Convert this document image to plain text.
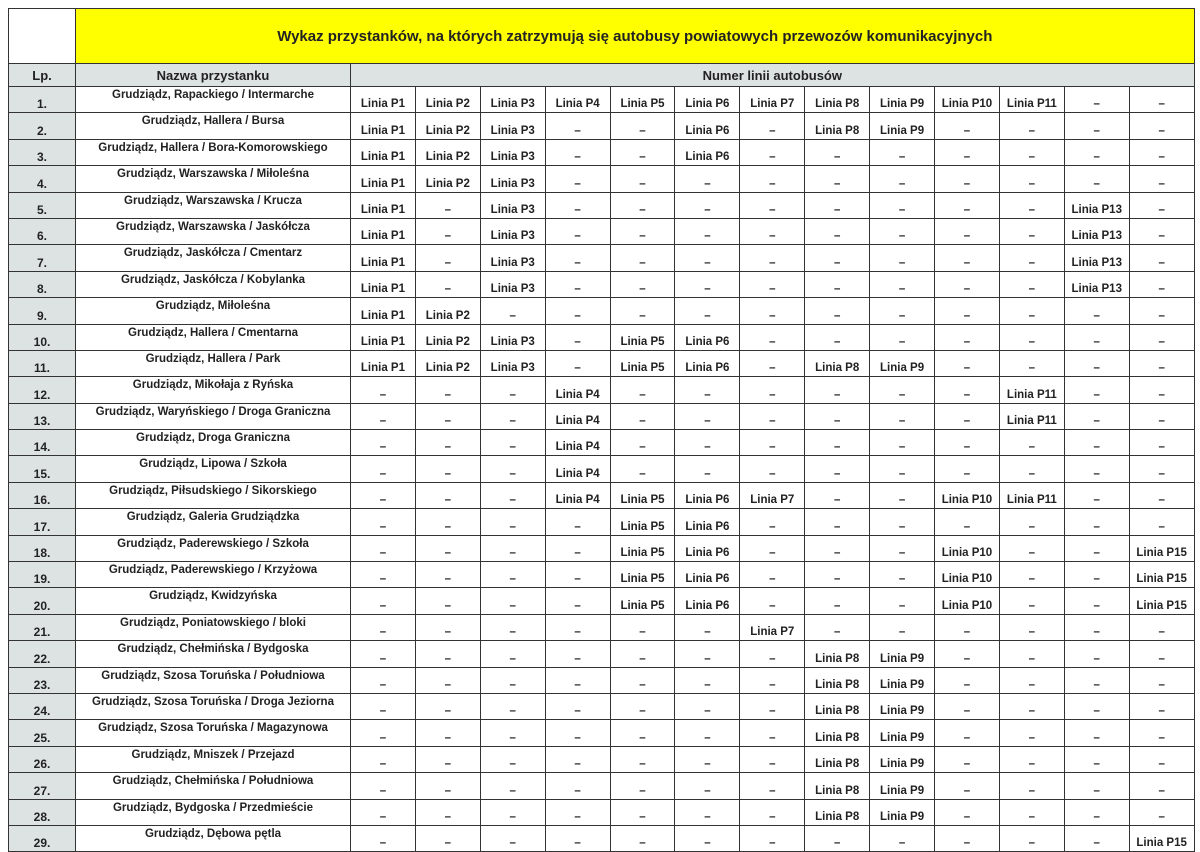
	Wykaz przystanków, na których zatrzymują się autobusy powiatowych przewozów komunikacyjnych													
Lp.	Nazwa przystanku	Numer linii autobusów												
1.	Grudziądz, Rapackiego / Intermarche	Linia P1	Linia P2	Linia P3	Linia P4	Linia P5	Linia P6	Linia P7	Linia P8	Linia P9	Linia P10	Linia P11	–	–
2.	Grudziądz, Hallera / Bursa	Linia P1	Linia P2	Linia P3	–	–	Linia P6	–	Linia P8	Linia P9	–	–	–	–
3.	Grudziądz, Hallera / Bora-Komorowskiego	Linia P1	Linia P2	Linia P3	–	–	Linia P6	–	–	–	–	–	–	–
4.	Grudziądz, Warszawska / Miłoleśna	Linia P1	Linia P2	Linia P3	–	–	–	–	–	–	–	–	–	–
5.	Grudziądz, Warszawska / Krucza	Linia P1	–	Linia P3	–	–	–	–	–	–	–	–	Linia P13	–
6.	Grudziądz, Warszawska / Jaskółcza	Linia P1	–	Linia P3	–	–	–	–	–	–	–	–	Linia P13	–
7.	Grudziądz, Jaskółcza / Cmentarz	Linia P1	–	Linia P3	–	–	–	–	–	–	–	–	Linia P13	–
8.	Grudziądz, Jaskółcza / Kobylanka	Linia P1	–	Linia P3	–	–	–	–	–	–	–	–	Linia P13	–
9.	Grudziądz, Miłoleśna	Linia P1	Linia P2	–	–	–	–	–	–	–	–	–	–	–
10.	Grudziądz, Hallera / Cmentarna	Linia P1	Linia P2	Linia P3	–	Linia P5	Linia P6	–	–	–	–	–	–	–
11.	Grudziądz, Hallera / Park	Linia P1	Linia P2	Linia P3	–	Linia P5	Linia P6	–	Linia P8	Linia P9	–	–	–	–
12.	Grudziądz, Mikołaja z Ryńska	–	–	–	Linia P4	–	–	–	–	–	–	Linia P11	–	–
13.	Grudziądz, Waryńskiego / Droga Graniczna	–	–	–	Linia P4	–	–	–	–	–	–	Linia P11	–	–
14.	Grudziądz, Droga Graniczna	–	–	–	Linia P4	–	–	–	–	–	–	–	–	–
15.	Grudziądz, Lipowa / Szkoła	–	–	–	Linia P4	–	–	–	–	–	–	–	–	–
16.	Grudziądz, Piłsudskiego / Sikorskiego	–	–	–	Linia P4	Linia P5	Linia P6	Linia P7	–	–	Linia P10	Linia P11	–	–
17.	Grudziądz, Galeria Grudziądzka	–	–	–	–	Linia P5	Linia P6	–	–	–	–	–	–	–
18.	Grudziądz, Paderewskiego / Szkoła	–	–	–	–	Linia P5	Linia P6	–	–	–	Linia P10	–	–	Linia P15
19.	Grudziądz, Paderewskiego / Krzyżowa	–	–	–	–	Linia P5	Linia P6	–	–	–	Linia P10	–	–	Linia P15
20.	Grudziądz, Kwidzyńska	–	–	–	–	Linia P5	Linia P6	–	–	–	Linia P10	–	–	Linia P15
21.	Grudziądz, Poniatowskiego / bloki	–	–	–	–	–	–	Linia P7	–	–	–	–	–	–
22.	Grudziądz, Chełmińska / Bydgoska	–	–	–	–	–	–	–	Linia P8	Linia P9	–	–	–	–
23.	Grudziądz, Szosa Toruńska / Południowa	–	–	–	–	–	–	–	Linia P8	Linia P9	–	–	–	–
24.	Grudziądz, Szosa Toruńska / Droga Jeziorna	–	–	–	–	–	–	–	Linia P8	Linia P9	–	–	–	–
25.	Grudziądz, Szosa Toruńska / Magazynowa	–	–	–	–	–	–	–	Linia P8	Linia P9	–	–	–	–
26.	Grudziądz, Mniszek / Przejazd	–	–	–	–	–	–	–	Linia P8	Linia P9	–	–	–	–
27.	Grudziądz, Chełmińska / Południowa	–	–	–	–	–	–	–	Linia P8	Linia P9	–	–	–	–
28.	Grudziądz, Bydgoska / Przedmieście	–	–	–	–	–	–	–	Linia P8	Linia P9	–	–	–	–
29.	Grudziądz, Dębowa pętla	–	–	–	–	–	–	–	–	–	–	–	–	Linia P15
